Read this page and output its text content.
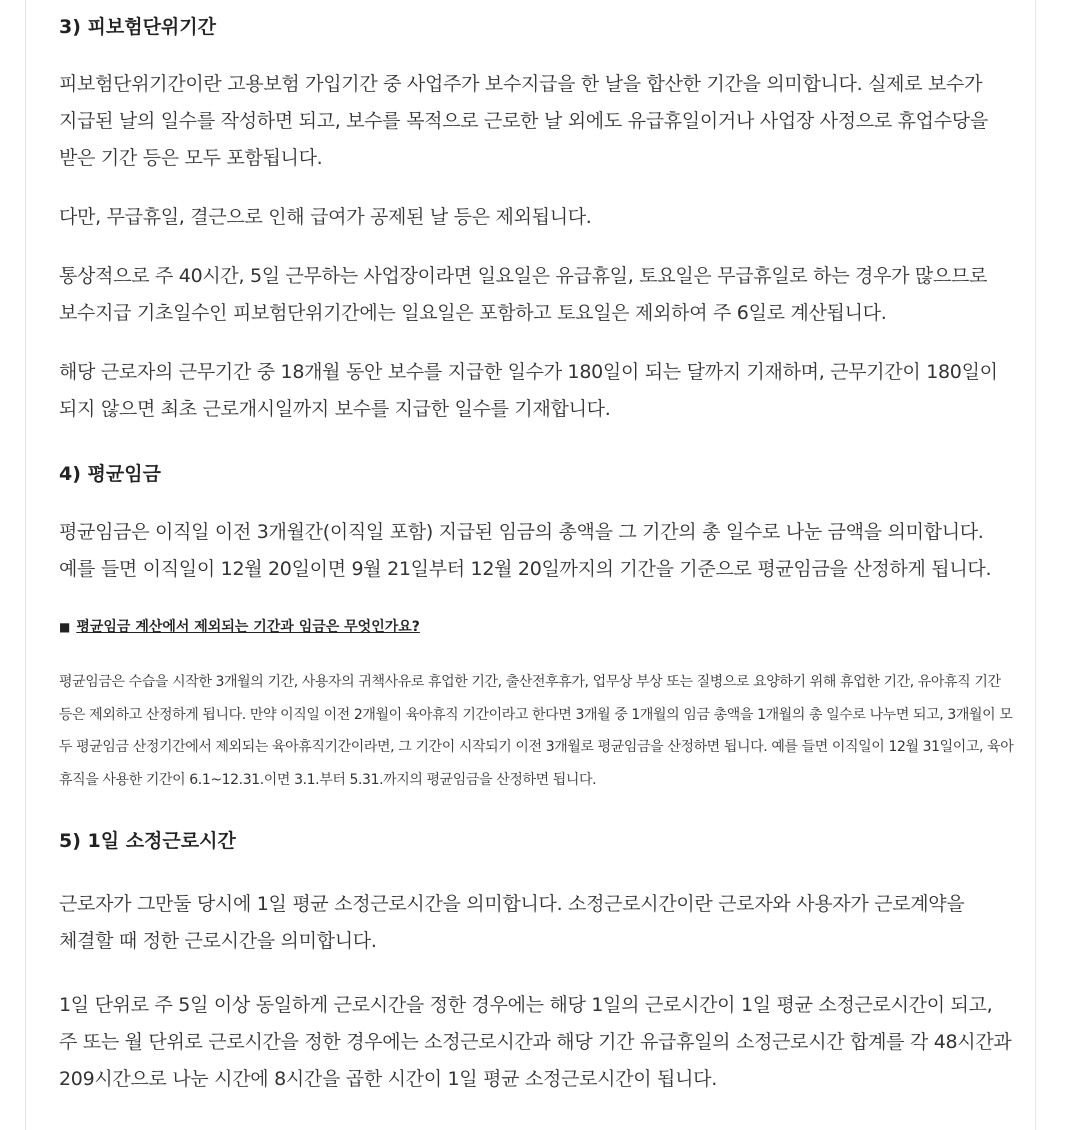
3) 피보험단위기간

피보험단위기간이란 고용보험 가입기간 중 사업주가 보수지급을 한 날을 합산한 기간을 의미합니다. 실제로 보수가 지급된 날의 일수를 작성하면 되고, 보수를 목적으로 근로한 날 외에도 유급휴일이거나 사업장 사정으로 휴업수당을 받은 기간 등은 모두 포함됩니다.

다만, 무급휴일, 결근으로 인해 급여가 공제된 날 등은 제외됩니다.

통상적으로 주 40시간, 5일 근무하는 사업장이라면 일요일은 유급휴일, 토요일은 무급휴일로 하는 경우가 많으므로 보수지급 기초일수인 피보험단위기간에는 일요일은 포함하고 토요일은 제외하여 주 6일로 계산됩니다.

해당 근로자의 근무기간 중 18개월 동안 보수를 지급한 일수가 180일이 되는 달까지 기재하며, 근무기간이 180일이 되지 않으면 최초 근로개시일까지 보수를 지급한 일수를 기재합니다.

4) 평균임금

평균임금은 이직일 이전 3개월간(이직일 포함) 지급된 임금의 총액을 그 기간의 총 일수로 나눈 금액을 의미합니다. 예를 들면 이직일이 12월 20일이면 9월 21일부터 12월 20일까지의 기간을 기준으로 평균임금을 산정하게 됩니다.

■ 평균임금 계산에서 제외되는 기간과 임금은 무엇인가요?

평균임금은 수습을 시작한 3개월의 기간, 사용자의 귀책사유로 휴업한 기간, 출산전후휴가, 업무상 부상 또는 질병으로 요양하기 위해 휴업한 기간, 유아휴직 기간 등은 제외하고 산정하게 됩니다. 만약 이직일 이전 2개월이 육아휴직 기간이라고 한다면 3개월 중 1개월의 임금 총액을 1개월의 총 일수로 나누면 되고, 3개월이 모두 평균임금 산정기간에서 제외되는 육아휴직기간이라면, 그 기간이 시작되기 이전 3개월로 평균임금을 산정하면 됩니다. 예를 들면 이직일이 12월 31일이고, 육아휴직을 사용한 기간이 6.1~12.31.이면 3.1.부터 5.31.까지의 평균임금을 산정하면 됩니다.

5) 1일 소정근로시간

근로자가 그만둘 당시에 1일 평균 소정근로시간을 의미합니다. 소정근로시간이란 근로자와 사용자가 근로계약을 체결할 때 정한 근로시간을 의미합니다.

1일 단위로 주 5일 이상 동일하게 근로시간을 정한 경우에는 해당 1일의 근로시간이 1일 평균 소정근로시간이 되고, 주 또는 월 단위로 근로시간을 정한 경우에는 소정근로시간과 해당 기간 유급휴일의 소정근로시간 합계를 각 48시간과 209시간으로 나눈 시간에 8시간을 곱한 시간이 1일 평균 소정근로시간이 됩니다.
